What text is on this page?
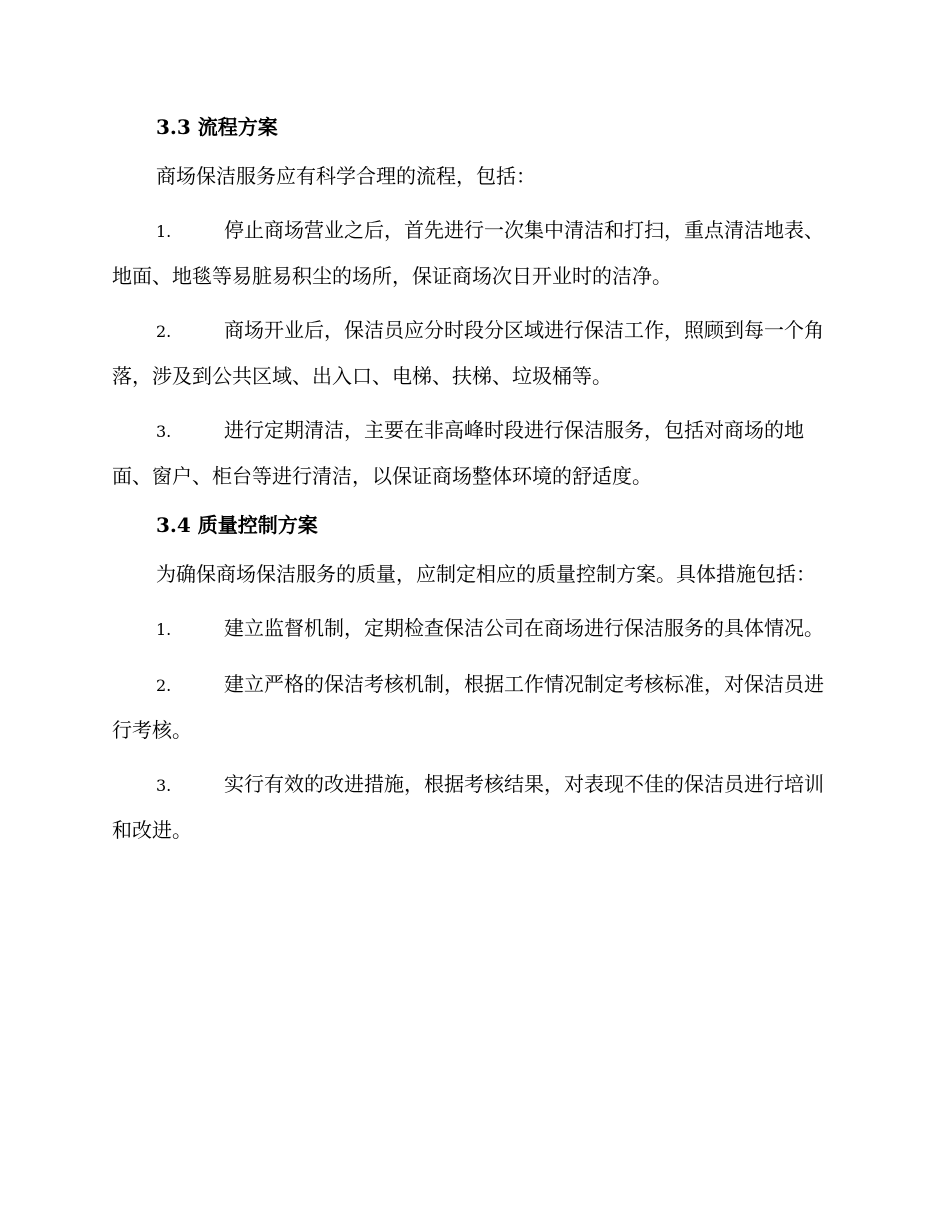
3.3 流程方案
商场保洁服务应有科学合理的流程，包括：
1.	停止商场营业之后，首先进行一次集中清洁和打扫，重点清洁地表、地面、地毯等易脏易积尘的场所，保证商场次日开业时的洁净。
2.	商场开业后，保洁员应分时段分区域进行保洁工作，照顾到每一个角落，涉及到公共区域、出入口、电梯、扶梯、垃圾桶等。
3.	进行定期清洁，主要在非高峰时段进行保洁服务，包括对商场的地面、窗户、柜台等进行清洁，以保证商场整体环境的舒适度。
3.4 质量控制方案
为确保商场保洁服务的质量，应制定相应的质量控制方案。具体措施包括：
1.	建立监督机制，定期检查保洁公司在商场进行保洁服务的具体情况。
2.	建立严格的保洁考核机制，根据工作情况制定考核标准，对保洁员进行考核。
3.	实行有效的改进措施，根据考核结果，对表现不佳的保洁员进行培训和改进。
